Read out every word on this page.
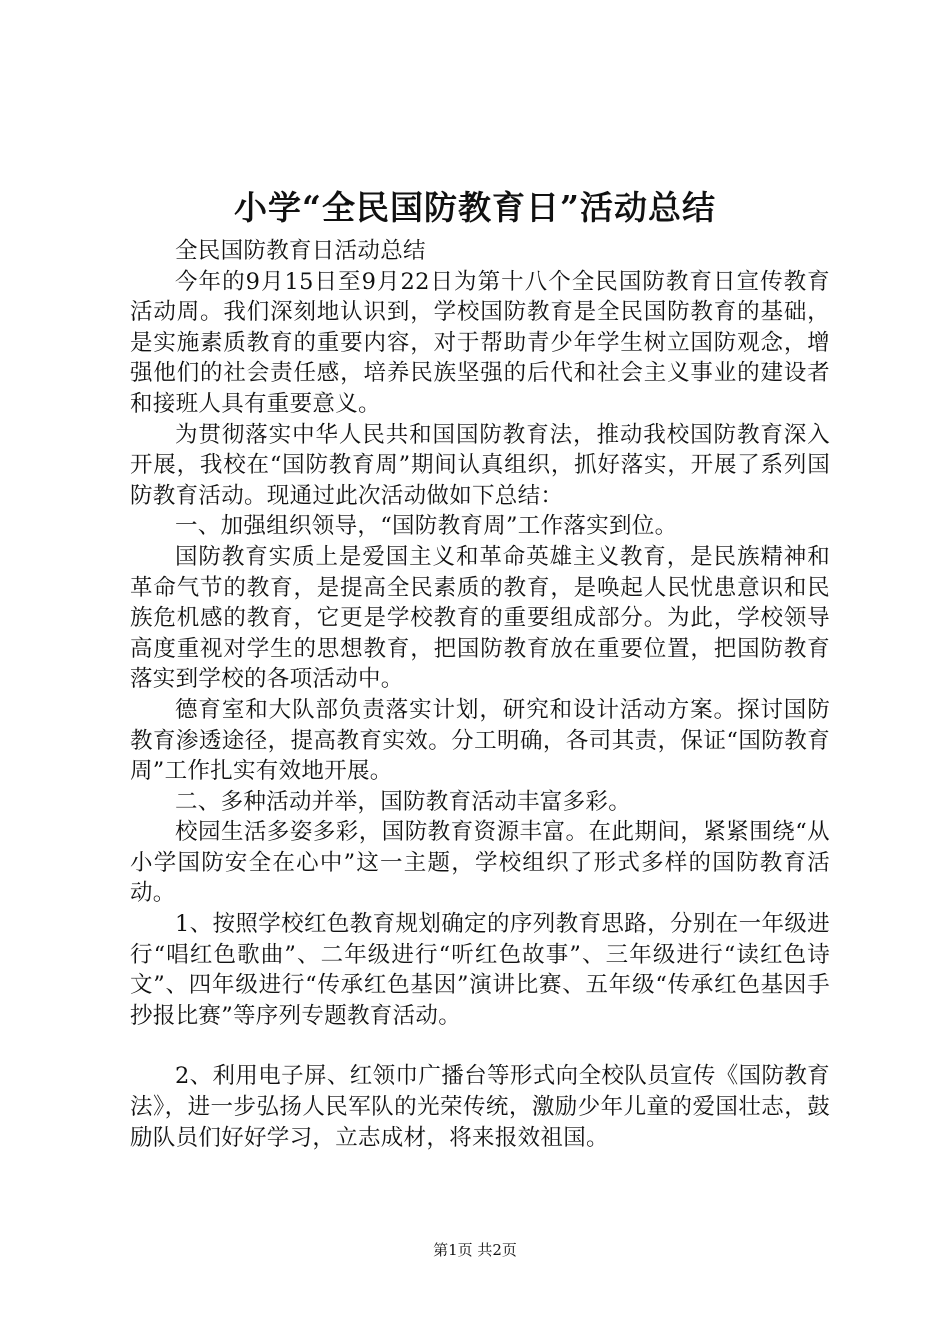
小学“全民国防教育日”活动总结

全民国防教育日活动总结

今年的9月15日至9月22日为第十八个全民国防教育日宣传教育活动周。我们深刻地认识到，学校国防教育是全民国防教育的基础，是实施素质教育的重要内容，对于帮助青少年学生树立国防观念，增强他们的社会责任感，培养民族坚强的后代和社会主义事业的建设者和接班人具有重要意义。

为贯彻落实中华人民共和国国防教育法，推动我校国防教育深入开展，我校在“国防教育周”期间认真组织，抓好落实，开展了系列国防教育活动。现通过此次活动做如下总结：

一、加强组织领导，“国防教育周”工作落实到位。

国防教育实质上是爱国主义和革命英雄主义教育，是民族精神和革命气节的教育，是提高全民素质的教育，是唤起人民忧患意识和民族危机感的教育，它更是学校教育的重要组成部分。为此，学校领导高度重视对学生的思想教育，把国防教育放在重要位置，把国防教育落实到学校的各项活动中。

德育室和大队部负责落实计划，研究和设计活动方案。探讨国防教育渗透途径，提高教育实效。分工明确，各司其责，保证“国防教育周”工作扎实有效地开展。

二、多种活动并举，国防教育活动丰富多彩。

校园生活多姿多彩，国防教育资源丰富。在此期间，紧紧围绕“从小学国防安全在心中”这一主题，学校组织了形式多样的国防教育活动。

1、按照学校红色教育规划确定的序列教育思路，分别在一年级进行“唱红色歌曲”、二年级进行“听红色故事”、三年级进行“读红色诗文”、四年级进行“传承红色基因”演讲比赛、五年级“传承红色基因手抄报比赛”等序列专题教育活动。

2、利用电子屏、红领巾广播台等形式向全校队员宣传《国防教育法》，进一步弘扬人民军队的光荣传统，激励少年儿童的爱国壮志，鼓励队员们好好学习，立志成材，将来报效祖国。

第1页 共2页
